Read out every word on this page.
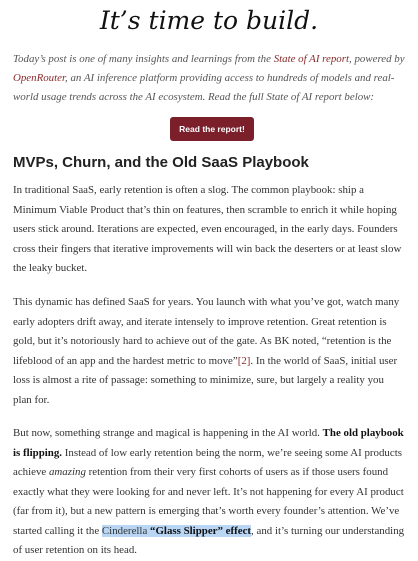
It’s time to build.

Today’s post is one of many insights and learnings from the State of AI report, powered by OpenRouter, an AI inference platform providing access to hundreds of models and real-world usage trends across the AI ecosystem. Read the full State of AI report below:

Read the report!
MVPs, Churn, and the Old SaaS Playbook

In traditional SaaS, early retention is often a slog. The common playbook: ship a Minimum Viable Product that’s thin on features, then scramble to enrich it while hoping users stick around. Iterations are expected, even encouraged, in the early days. Founders cross their fingers that iterative improvements will win back the deserters or at least slow the leaky bucket.

This dynamic has defined SaaS for years. You launch with what you’ve got, watch many early adopters drift away, and iterate intensely to improve retention. Great retention is gold, but it’s notoriously hard to achieve out of the gate. As BK noted, “retention is the lifeblood of an app and the hardest metric to move”[2]. In the world of SaaS, initial user loss is almost a rite of passage: something to minimize, sure, but largely a reality you plan for.

But now, something strange and magical is happening in the AI world. The old playbook is flipping. Instead of low early retention being the norm, we’re seeing some AI products achieve amazing retention from their very first cohorts of users as if those users found exactly what they were looking for and never left. It’s not happening for every AI product (far from it), but a new pattern is emerging that’s worth every founder’s attention. We’ve started calling it the Cinderella “Glass Slipper” effect, and it’s turning our understanding of user retention on its head.
